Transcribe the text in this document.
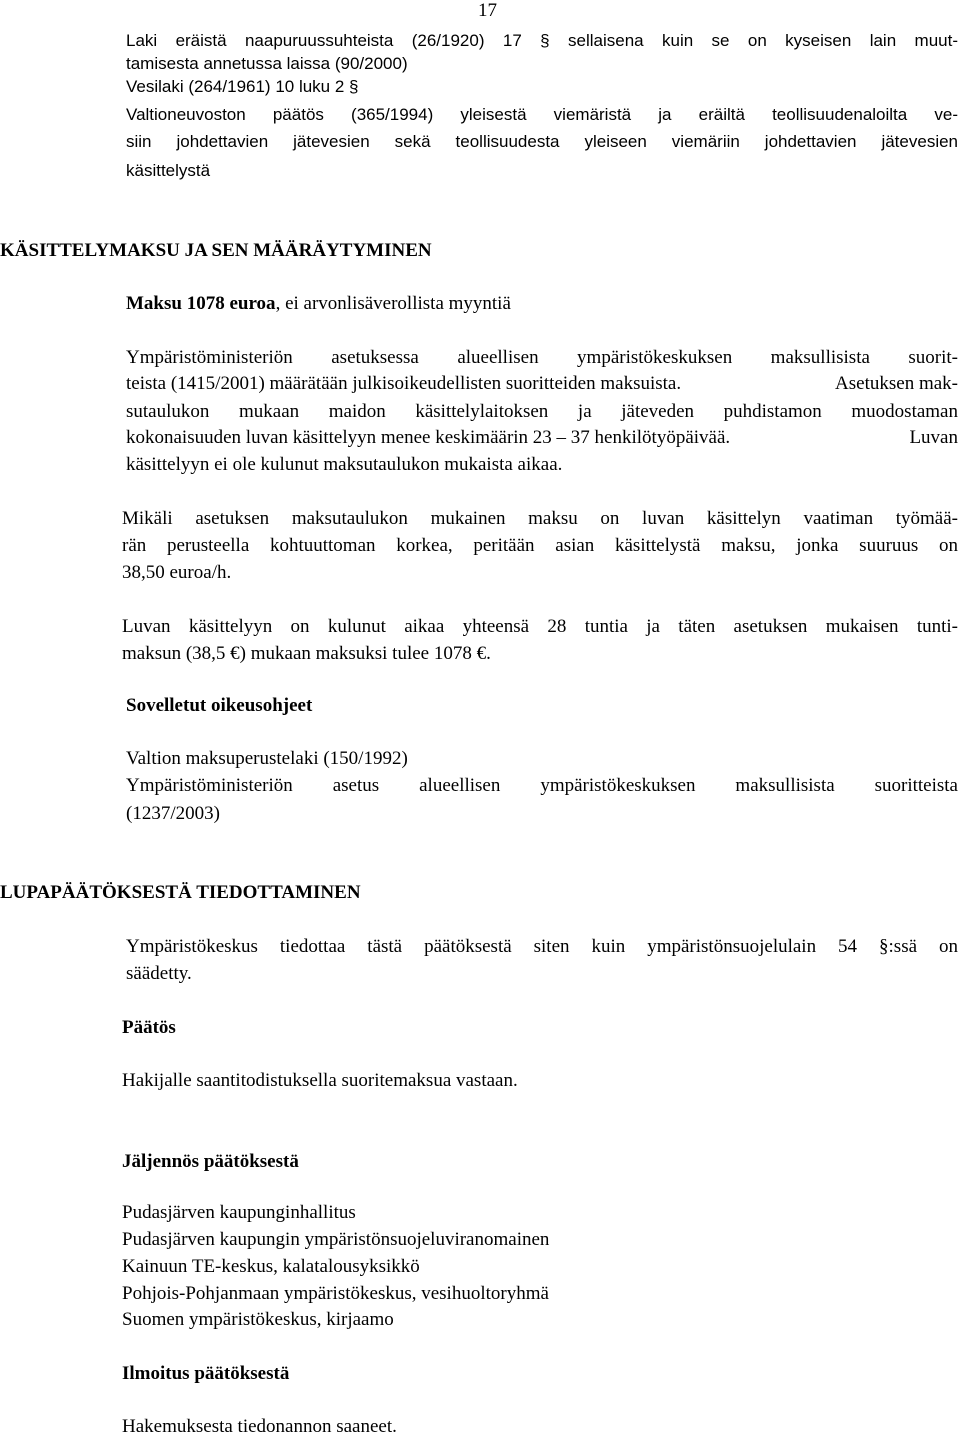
17
Laki eräistä naapuruussuhteista (26/1920) 17 § sellaisena kuin se on kyseisen lain muut-
tamisesta annetussa laissa (90/2000)
Vesilaki (264/1961) 10 luku 2 §
Valtioneuvoston päätös (365/1994) yleisestä viemäristä ja eräiltä teollisuudenaloilta ve-
siin johdettavien jätevesien sekä teollisuudesta yleiseen viemäriin johdettavien jätevesien
käsittelystä
KÄSITTELYMAKSU JA SEN MÄÄRÄYTYMINEN
Maksu 1078 euroa, ei arvonlisäverollista myyntiä
Ympäristöministeriön asetuksessa alueellisen ympäristökeskuksen maksullisista suorit-
teista (1415/2001) määrätään julkisoikeudellisten suoritteiden maksuista.	Asetuksen mak-
sutaulukon mukaan maidon käsittelylaitoksen ja jäteveden puhdistamon muodostaman
kokonaisuuden luvan käsittelyyn menee keskimäärin 23 – 37 henkilötyöpäivää.	Luvan
käsittelyyn ei ole kulunut maksutaulukon mukaista aikaa.
Mikäli asetuksen maksutaulukon mukainen maksu on luvan käsittelyn vaatiman työmää-
rän perusteella kohtuuttoman korkea, peritään asian käsittelystä maksu, jonka suuruus on
38,50 euroa/h.
Luvan käsittelyyn on kulunut aikaa yhteensä 28 tuntia ja täten asetuksen mukaisen tunti-
maksun (38,5 €) mukaan maksuksi tulee 1078 €.
Sovelletut oikeusohjeet
Valtion maksuperustelaki (150/1992)
Ympäristöministeriön asetus alueellisen ympäristökeskuksen maksullisista suoritteista
(1237/2003)
LUPAPÄÄTÖKSESTÄ TIEDOTTAMINEN
Ympäristökeskus tiedottaa tästä päätöksestä siten kuin ympäristönsuojelulain 54 §:ssä on
säädetty.
Päätös
Hakijalle saantitodistuksella suoritemaksua vastaan.
Jäljennös päätöksestä
Pudasjärven kaupunginhallitus
Pudasjärven kaupungin ympäristönsuojeluviranomainen
Kainuun TE-keskus, kalatalousyksikkö
Pohjois-Pohjanmaan ympäristökeskus, vesihuoltoryhmä
Suomen ympäristökeskus, kirjaamo
Ilmoitus päätöksestä
Hakemuksesta tiedonannon saaneet.
